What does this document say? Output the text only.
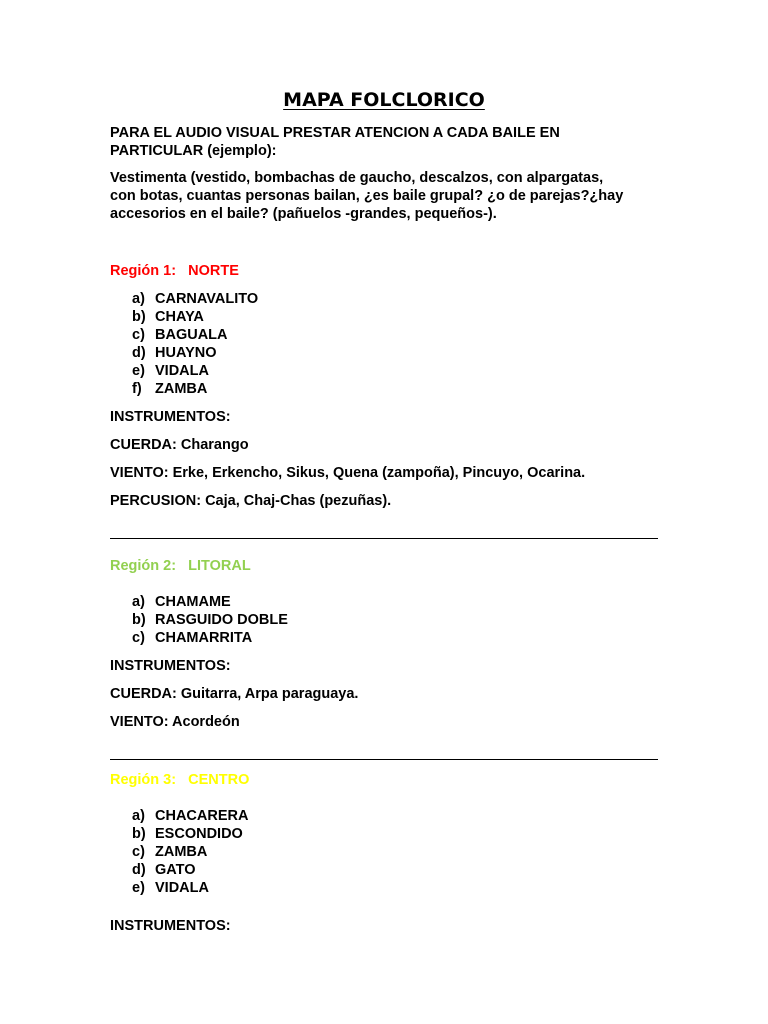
MAPA FOLCLORICO
PARA EL AUDIO VISUAL PRESTAR ATENCION A CADA BAILE EN
PARTICULAR (ejemplo):
Vestimenta (vestido, bombachas de gaucho, descalzos, con alpargatas,
con botas, cuantas personas bailan, ¿es baile grupal? ¿o de parejas?¿hay
accesorios en el baile? (pañuelos -grandes, pequeños-).
Región 1:   NORTE
a) CARNAVALITO
b) CHAYA
c) BAGUALA
d) HUAYNO
e) VIDALA
f) ZAMBA
INSTRUMENTOS:
CUERDA: Charango
VIENTO: Erke, Erkencho, Sikus, Quena (zampoña), Pincuyo, Ocarina.
PERCUSION: Caja, Chaj-Chas (pezuñas).
Región 2:   LITORAL
a) CHAMAME
b) RASGUIDO DOBLE
c) CHAMARRITA
INSTRUMENTOS:
CUERDA: Guitarra, Arpa paraguaya.
VIENTO: Acordeón
Región 3:   CENTRO
a) CHACARERA
b) ESCONDIDO
c) ZAMBA
d) GATO
e) VIDALA
INSTRUMENTOS:
